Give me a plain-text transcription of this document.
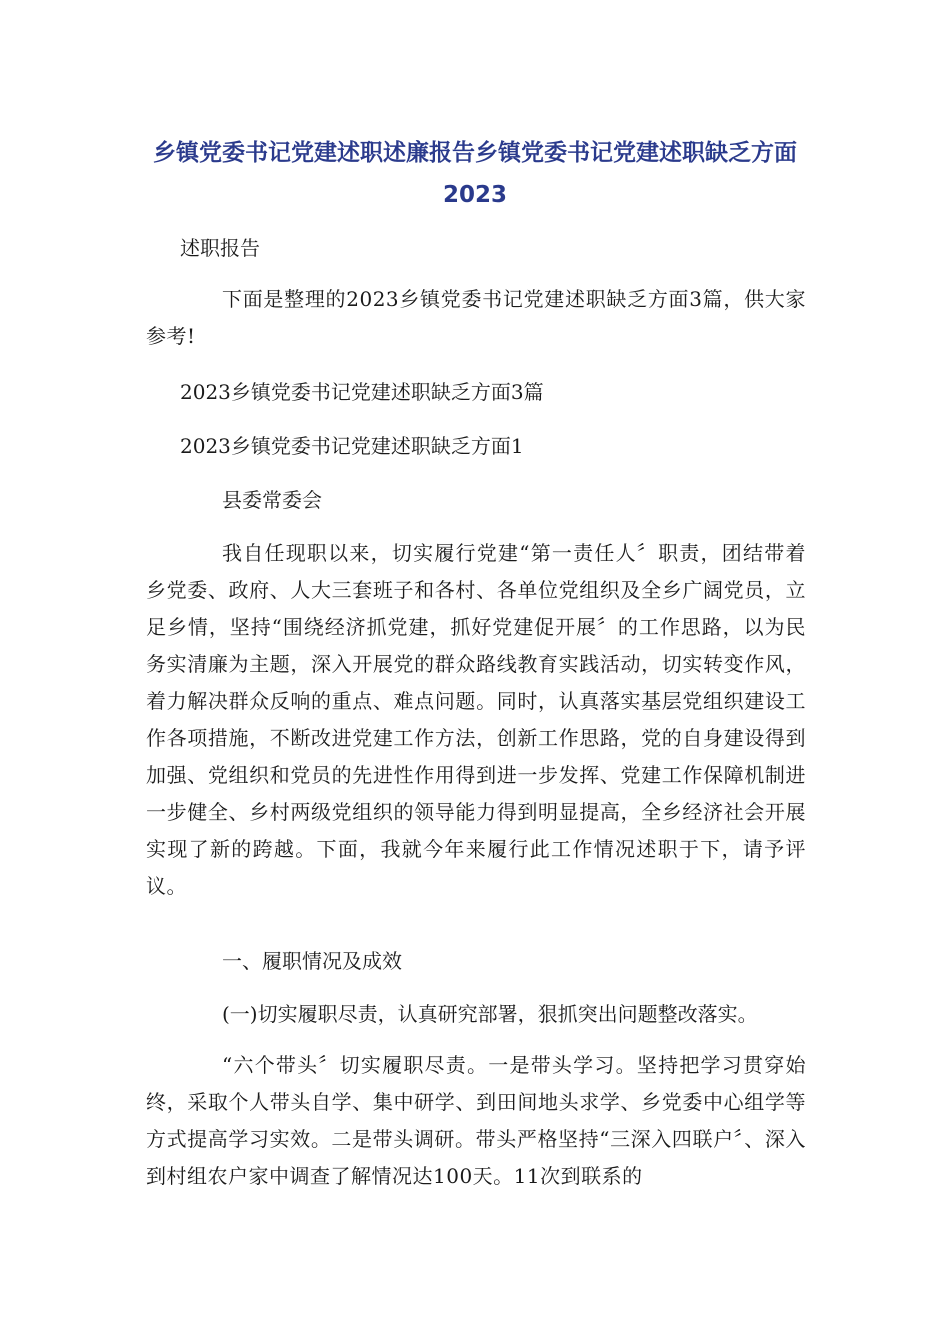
乡镇党委书记党建述职述廉报告乡镇党委书记党建述职缺乏方面2023
述职报告
下面是整理的2023乡镇党委书记党建述职缺乏方面3篇，供大家参考!
2023乡镇党委书记党建述职缺乏方面3篇
2023乡镇党委书记党建述职缺乏方面1
县委常委会
我自任现职以来，切实履行党建“第一责任人〞职责，团结带着乡党委、政府、人大三套班子和各村、各单位党组织及全乡广阔党员，立足乡情，坚持“围绕经济抓党建，抓好党建促开展〞的工作思路，以为民务实清廉为主题，深入开展党的群众路线教育实践活动，切实转变作风，着力解决群众反响的重点、难点问题。同时，认真落实基层党组织建设工作各项措施，不断改进党建工作方法，创新工作思路，党的自身建设得到加强、党组织和党员的先进性作用得到进一步发挥、党建工作保障机制进一步健全、乡村两级党组织的领导能力得到明显提高，全乡经济社会开展实现了新的跨越。下面，我就今年来履行此工作情况述职于下，请予评议。
一、履职情况及成效
(一)切实履职尽责，认真研究部署，狠抓突出问题整改落实。
“六个带头〞切实履职尽责。一是带头学习。坚持把学习贯穿始终，采取个人带头自学、集中研学、到田间地头求学、乡党委中心组学等方式提高学习实效。二是带头调研。带头严格坚持“三深入四联户〞、深入到村组农户家中调查了解情况达100天。11次到联系的
